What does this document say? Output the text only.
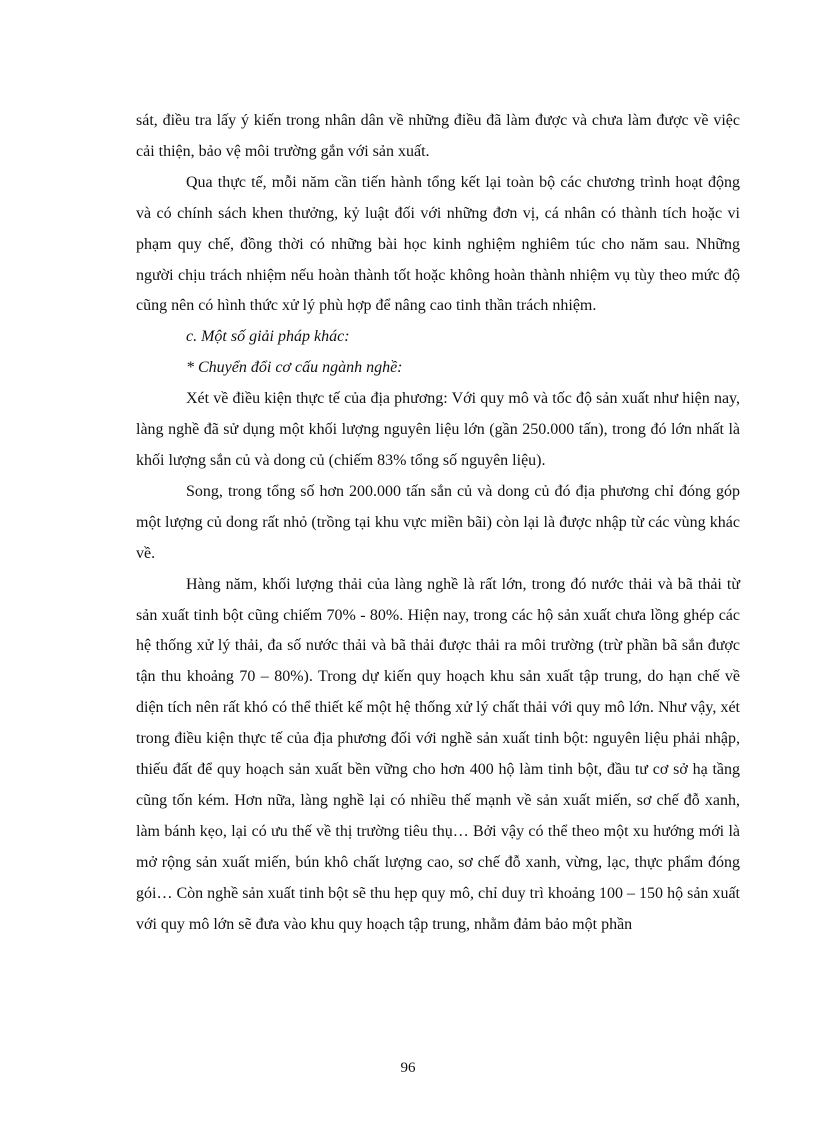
sát, điều tra lấy ý kiến trong nhân dân về những điều đã làm được và chưa làm được về việc cải thiện, bảo vệ môi trường gắn với sản xuất.

Qua thực tế, mỗi năm cần tiến hành tổng kết lại toàn bộ các chương trình hoạt động và có chính sách khen thưởng, kỷ luật đối với những đơn vị, cá nhân có thành tích hoặc vi phạm quy chế, đồng thời có những bài học kinh nghiệm nghiêm túc cho năm sau. Những người chịu trách nhiệm nếu hoàn thành tốt hoặc không hoàn thành nhiệm vụ tùy theo mức độ cũng nên có hình thức xử lý phù hợp để nâng cao tinh thần trách nhiệm.

c. Một số giải pháp khác:

* Chuyển đổi cơ cấu ngành nghề:

Xét về điều kiện thực tế của địa phương: Với quy mô và tốc độ sản xuất như hiện nay, làng nghề đã sử dụng một khối lượng nguyên liệu lớn (gần 250.000 tấn), trong đó lớn nhất là khối lượng sắn củ và dong củ (chiếm 83% tổng số nguyên liệu).

Song, trong tổng số hơn 200.000 tấn sắn củ và dong củ đó địa phương chỉ đóng góp một lượng củ dong rất nhỏ (trồng tại khu vực miền bãi) còn lại là được nhập từ các vùng khác về.

Hàng năm, khối lượng thải của làng nghề là rất lớn, trong đó nước thải và bã thải từ sản xuất tinh bột cũng chiếm 70% - 80%. Hiện nay, trong các hộ sản xuất chưa lồng ghép các hệ thống xử lý thải, đa số nước thải và bã thải được thải ra môi trường (trừ phần bã sắn được tận thu khoảng 70 – 80%). Trong dự kiến quy hoạch khu sản xuất tập trung, do hạn chế về diện tích nên rất khó có thể thiết kế một hệ thống xử lý chất thải với quy mô lớn. Như vậy, xét trong điều kiện thực tế của địa phương đối với nghề sản xuất tinh bột: nguyên liệu phải nhập, thiếu đất để quy hoạch sản xuất bền vững cho hơn 400 hộ làm tinh bột, đầu tư cơ sở hạ tầng cũng tốn kém. Hơn nữa, làng nghề lại có nhiều thế mạnh về sản xuất miến, sơ chế đỗ xanh, làm bánh kẹo, lại có ưu thế về thị trường tiêu thụ… Bởi vậy có thể theo một xu hướng mới là mở rộng sản xuất miến, bún khô chất lượng cao, sơ chế đỗ xanh, vừng, lạc, thực phẩm đóng gói… Còn nghề sản xuất tinh bột sẽ thu hẹp quy mô, chỉ duy trì khoảng 100 – 150 hộ sản xuất với quy mô lớn sẽ đưa vào khu quy hoạch tập trung, nhằm đảm bảo một phần

96
